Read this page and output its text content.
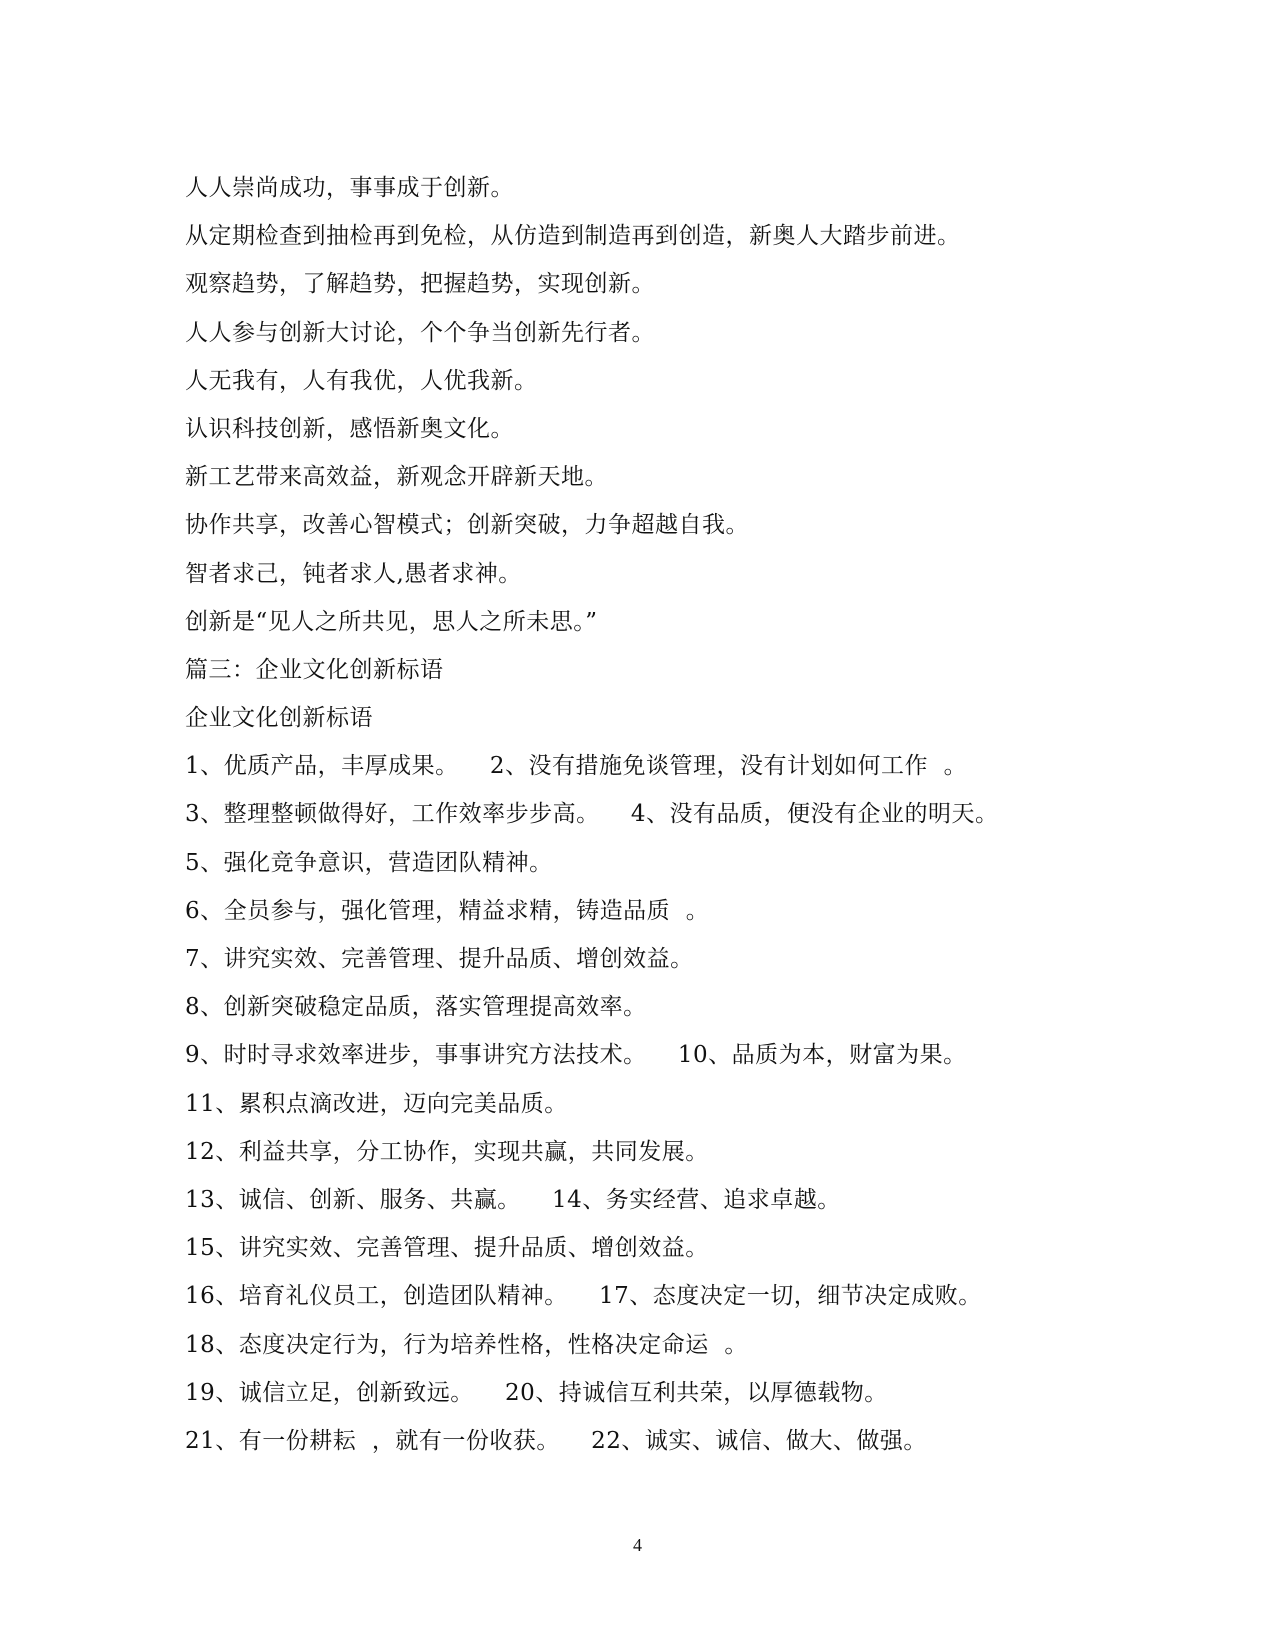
人人崇尚成功，事事成于创新。
从定期检查到抽检再到免检，从仿造到制造再到创造，新奥人大踏步前进。
观察趋势，了解趋势，把握趋势，实现创新。
人人参与创新大讨论，个个争当创新先行者。
人无我有，人有我优，人优我新。
认识科技创新，感悟新奥文化。
新工艺带来高效益，新观念开辟新天地。
协作共享，改善心智模式；创新突破，力争超越自我。
智者求己，钝者求人,愚者求神。
创新是“见人之所共见，思人之所未思。”
篇三：企业文化创新标语
企业文化创新标语
1、优质产品，丰厚成果。    2、没有措施免谈管理，没有计划如何工作  。
3、整理整顿做得好，工作效率步步高。    4、没有品质，便没有企业的明天。
5、强化竞争意识，营造团队精神。
6、全员参与，强化管理，精益求精，铸造品质  。
7、讲究实效、完善管理、提升品质、增创效益。
8、创新突破稳定品质，落实管理提高效率。
9、时时寻求效率进步，事事讲究方法技术。    10、品质为本，财富为果。
11、累积点滴改进，迈向完美品质。
12、利益共享，分工协作，实现共赢，共同发展。
13、诚信、创新、服务、共赢。    14、务实经营、追求卓越。
15、讲究实效、完善管理、提升品质、增创效益。
16、培育礼仪员工，创造团队精神。    17、态度决定一切，细节决定成败。
18、态度决定行为，行为培养性格，性格决定命运  。
19、诚信立足，创新致远。    20、持诚信互利共荣，以厚德载物。
21、有一份耕耘  ，就有一份收获。    22、诚实、诚信、做大、做强。
4
